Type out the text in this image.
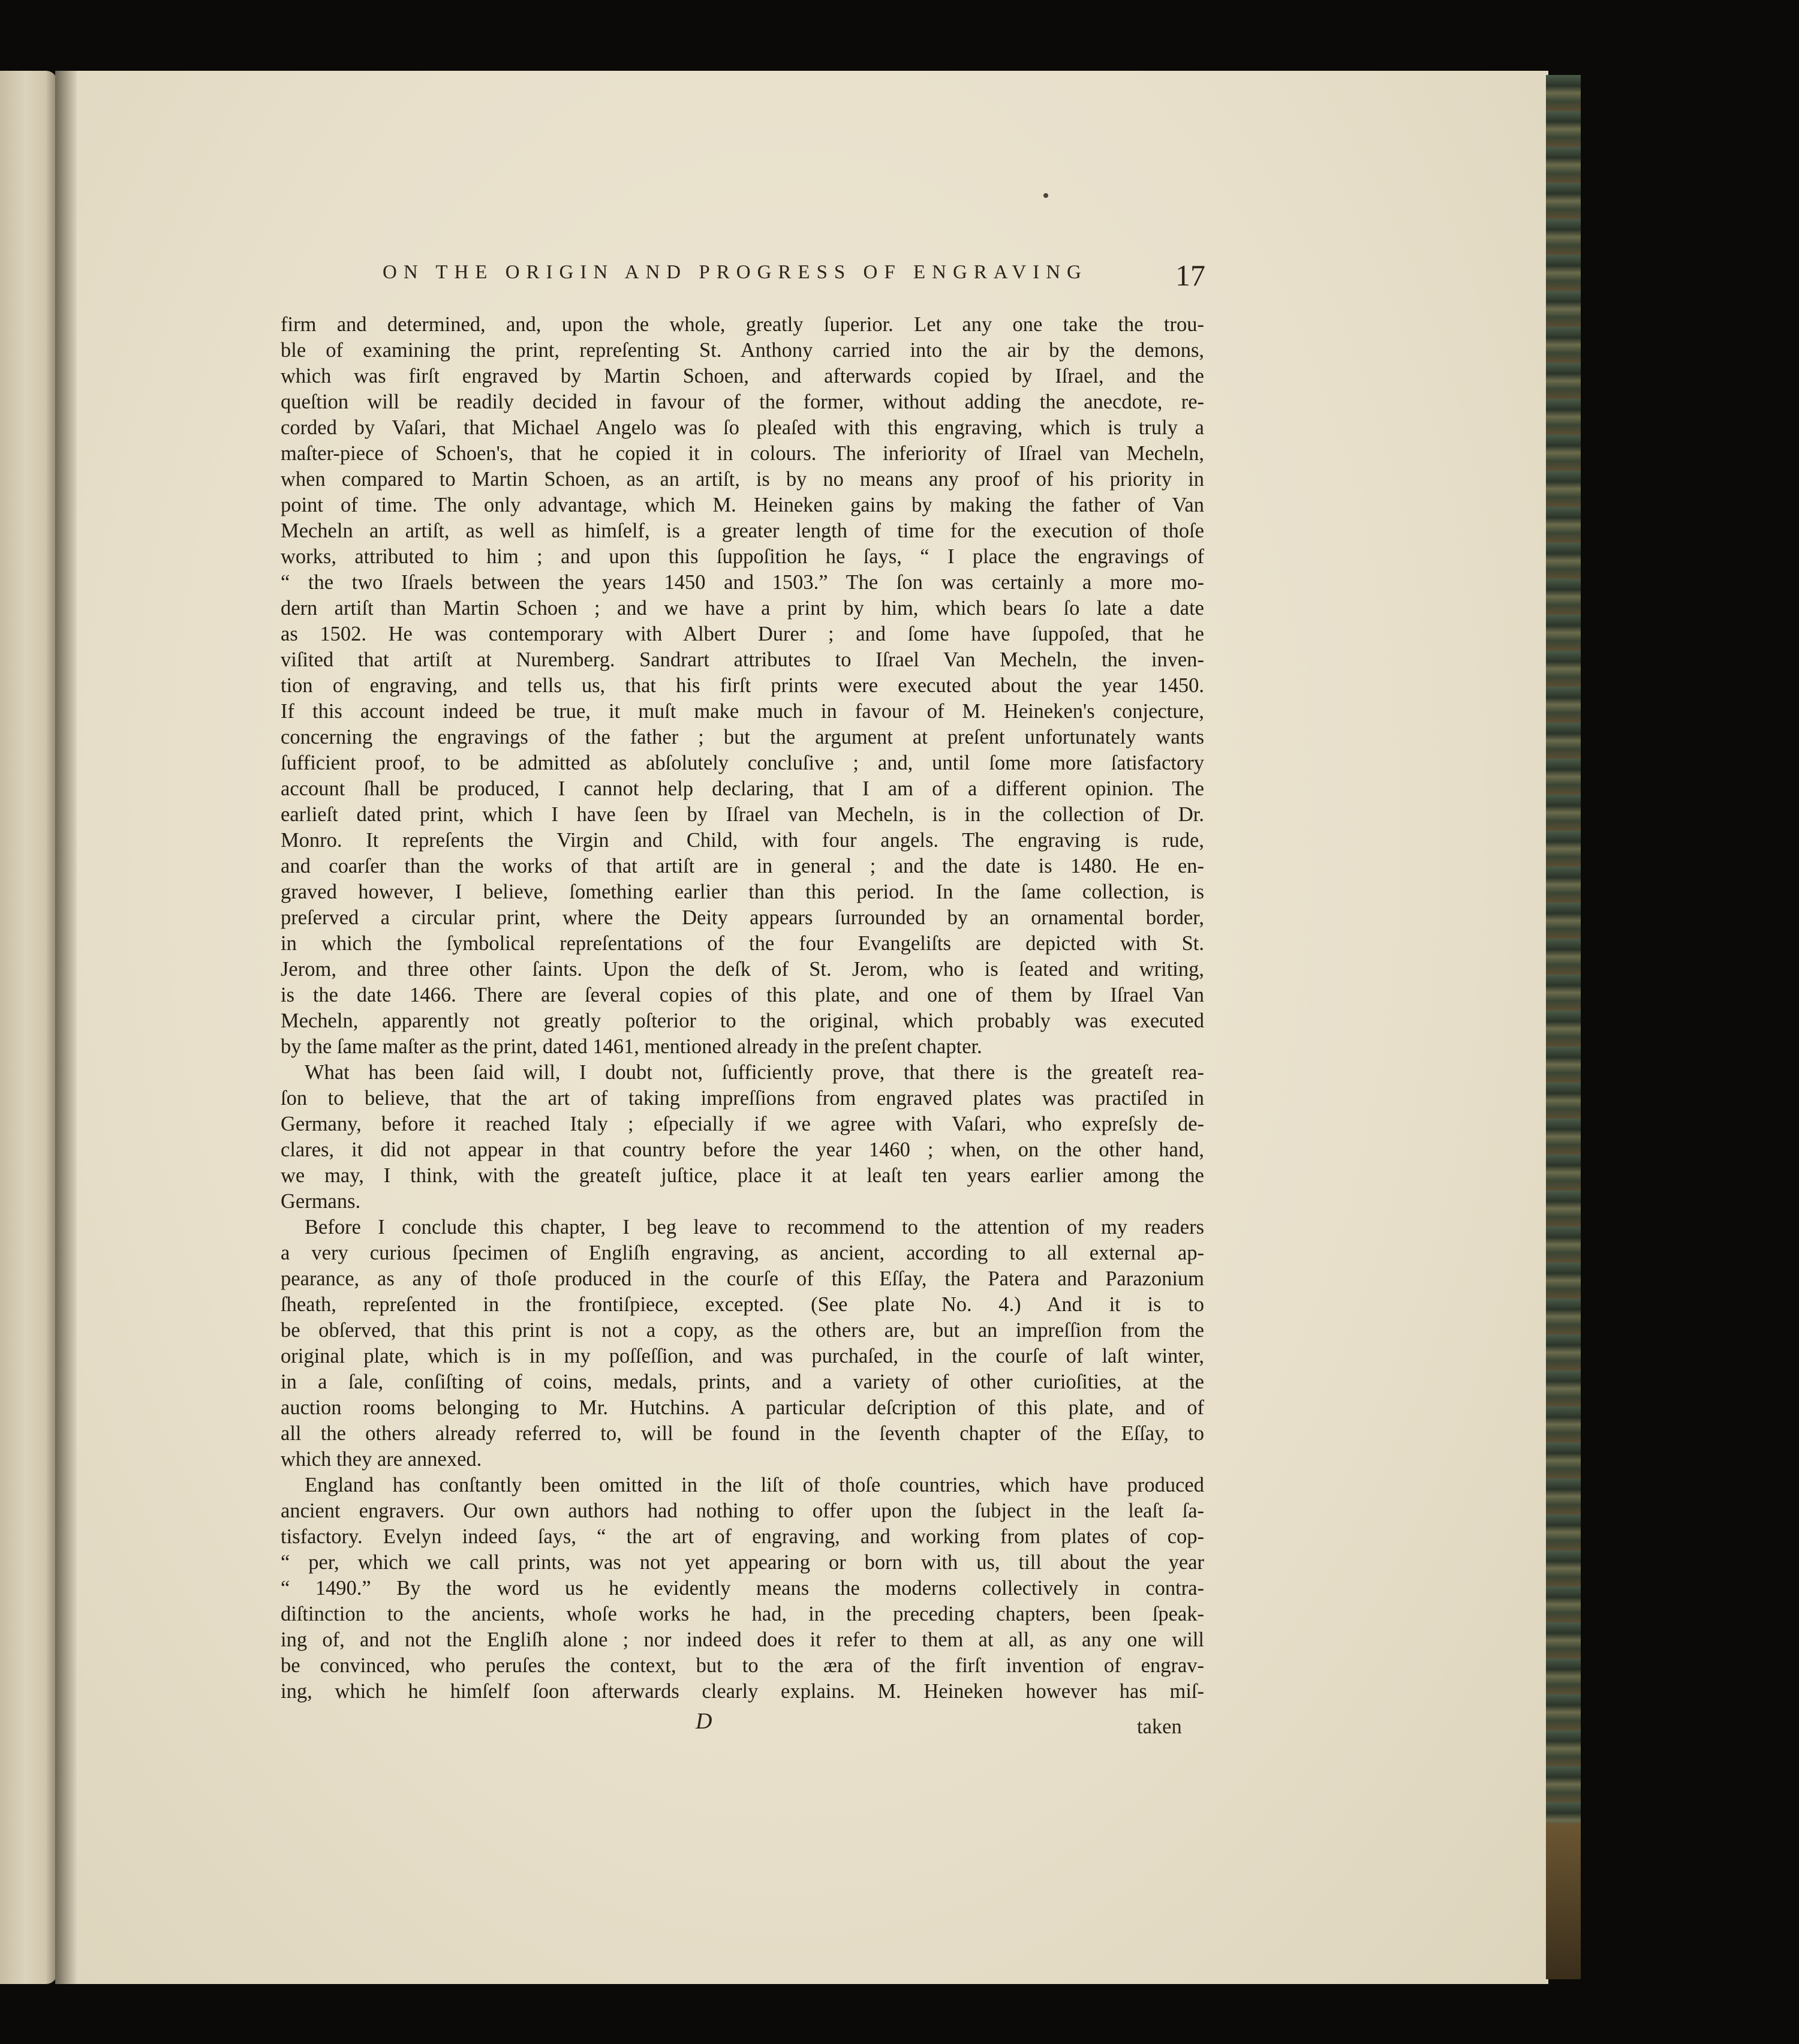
ON THE ORIGIN AND PROGRESS OF ENGRAVING	17
firm and determined, and, upon the whole, greatly ſuperior. Let any one take the trou-
ble of examining the print, repreſenting St. Anthony carried into the air by the demons,
which was firſt engraved by Martin Schoen, and afterwards copied by Iſrael, and the
queſtion will be readily decided in favour of the former, without adding the anecdote, re-
corded by Vaſari, that Michael Angelo was ſo pleaſed with this engraving, which is truly a
maſter-piece of Schoen's, that he copied it in colours. The inferiority of Iſrael van Mecheln,
when compared to Martin Schoen, as an artiſt, is by no means any proof of his priority in
point of time. The only advantage, which M. Heineken gains by making the father of Van
Mecheln an artiſt, as well as himſelf, is a greater length of time for the execution of thoſe
works, attributed to him ; and upon this ſuppoſition he ſays, “ I place the engravings of
“ the two Iſraels between the years 1450 and 1503.” The ſon was certainly a more mo-
dern artiſt than Martin Schoen ; and we have a print by him, which bears ſo late a date
as 1502. He was contemporary with Albert Durer ; and ſome have ſuppoſed, that he
viſited that artiſt at Nuremberg. Sandrart attributes to Iſrael Van Mecheln, the inven-
tion of engraving, and tells us, that his firſt prints were executed about the year 1450.
If this account indeed be true, it muſt make much in favour of M. Heineken's conjecture,
concerning the engravings of the father ; but the argument at preſent unfortunately wants
ſufficient proof, to be admitted as abſolutely concluſive ; and, until ſome more ſatisfactory
account ſhall be produced, I cannot help declaring, that I am of a different opinion. The
earlieſt dated print, which I have ſeen by Iſrael van Mecheln, is in the collection of Dr.
Monro. It repreſents the Virgin and Child, with four angels. The engraving is rude,
and coarſer than the works of that artiſt are in general ; and the date is 1480. He en-
graved however, I believe, ſomething earlier than this period. In the ſame collection, is
preſerved a circular print, where the Deity appears ſurrounded by an ornamental border,
in which the ſymbolical repreſentations of the four Evangeliſts are depicted with St.
Jerom, and three other ſaints. Upon the deſk of St. Jerom, who is ſeated and writing,
is the date 1466. There are ſeveral copies of this plate, and one of them by Iſrael Van
Mecheln, apparently not greatly poſterior to the original, which probably was executed
by the ſame maſter as the print, dated 1461, mentioned already in the preſent chapter.
What has been ſaid will, I doubt not, ſufficiently prove, that there is the greateſt rea-
ſon to believe, that the art of taking impreſſions from engraved plates was practiſed in
Germany, before it reached Italy ; eſpecially if we agree with Vaſari, who expreſsly de-
clares, it did not appear in that country before the year 1460 ; when, on the other hand,
we may, I think, with the greateſt juſtice, place it at leaſt ten years earlier among the
Germans.
Before I conclude this chapter, I beg leave to recommend to the attention of my readers
a very curious ſpecimen of Engliſh engraving, as ancient, according to all external ap-
pearance, as any of thoſe produced in the courſe of this Eſſay, the Patera and Parazonium
ſheath, repreſented in the frontiſpiece, excepted. (See plate No. 4.) And it is to
be obſerved, that this print is not a copy, as the others are, but an impreſſion from the
original plate, which is in my poſſeſſion, and was purchaſed, in the courſe of laſt winter,
in a ſale, conſiſting of coins, medals, prints, and a variety of other curioſities, at the
auction rooms belonging to Mr. Hutchins. A particular deſcription of this plate, and of
all the others already referred to, will be found in the ſeventh chapter of the Eſſay, to
which they are annexed.
England has conſtantly been omitted in the liſt of thoſe countries, which have produced
ancient engravers. Our own authors had nothing to offer upon the ſubject in the leaſt ſa-
tisfactory. Evelyn indeed ſays, “ the art of engraving, and working from plates of cop-
“ per, which we call prints, was not yet appearing or born with us, till about the year
“ 1490.” By the word us he evidently means the moderns collectively in contra-
diſtinction to the ancients, whoſe works he had, in the preceding chapters, been ſpeak-
ing of, and not the Engliſh alone ; nor indeed does it refer to them at all, as any one will
be convinced, who peruſes the context, but to the æra of the firſt invention of engrav-
ing, which he himſelf ſoon afterwards clearly explains. M. Heineken however has miſ-
D	taken
